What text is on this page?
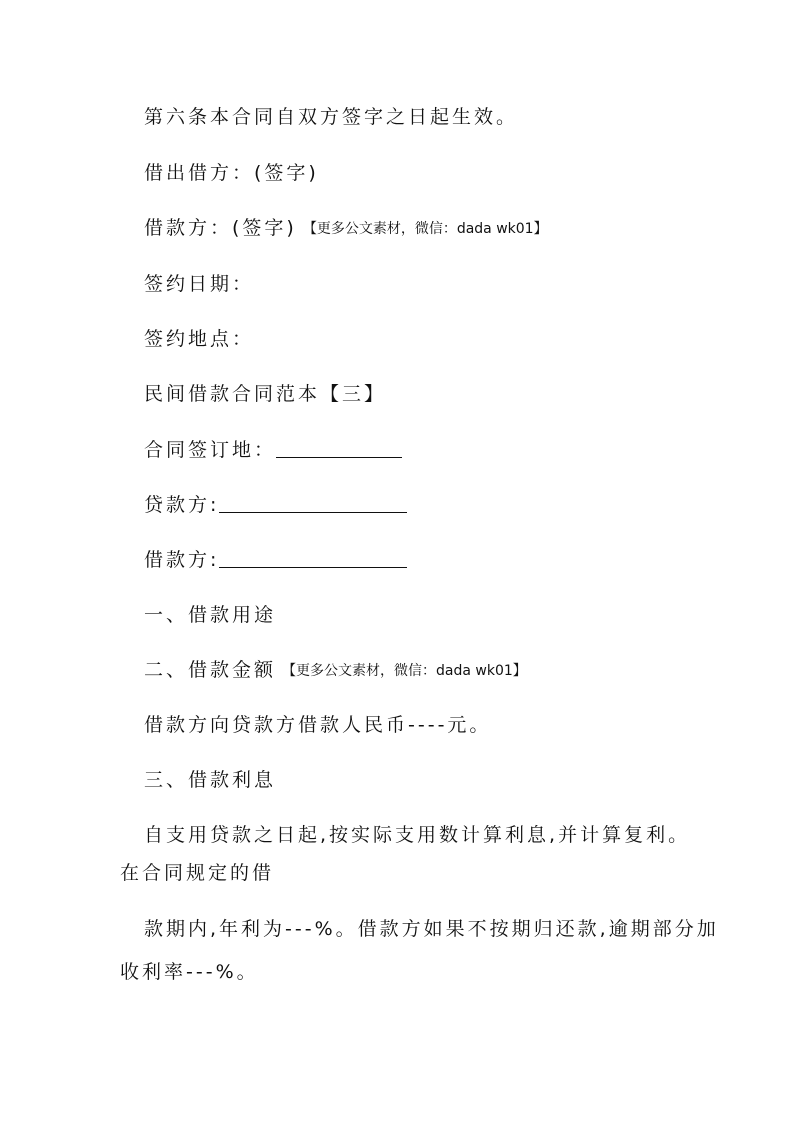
第六条本合同自双方签字之日起生效。
借出借方：(签字)
借款方：(签字) 【更多公文素材，微信：dada wk01】
签约日期：
签约地点：
民间借款合同范本【三】
合同签订地：
贷款方:
借款方:
一、借款用途
二、借款金额 【更多公文素材，微信：dada wk01】
借款方向贷款方借款人民币----元。
三、借款利息
自支用贷款之日起,按实际支用数计算利息,并计算复利。
在合同规定的借
款期内,年利为---%。借款方如果不按期归还款,逾期部分加
收利率---%。
